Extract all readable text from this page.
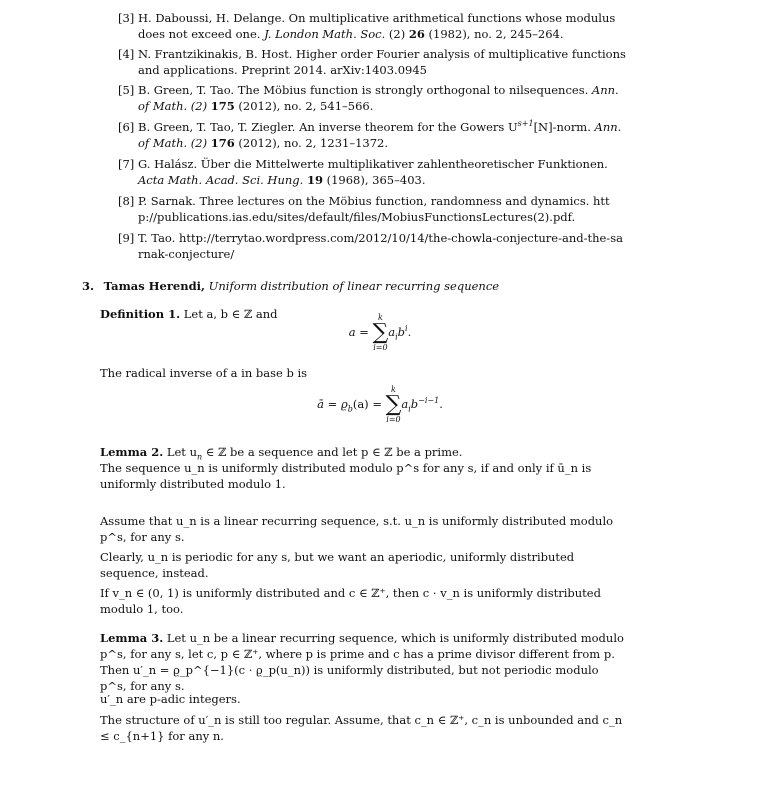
[3] H. Daboussi, H. Delange. On multiplicative arithmetical functions whose modulus does not exceed one. J. London Math. Soc. (2) 26 (1982), no. 2, 245–264.
[4] N. Frantzikinakis, B. Host. Higher order Fourier analysis of multiplicative functions and applications. Preprint 2014. arXiv:1403.0945
[5] B. Green, T. Tao. The Möbius function is strongly orthogonal to nilsequences. Ann. of Math. (2) 175 (2012), no. 2, 541–566.
[6] B. Green, T. Tao, T. Ziegler. An inverse theorem for the Gowers $U^{s+1}[N]$-norm. Ann. of Math. (2) 176 (2012), no. 2, 1231–1372.
[7] G. Halász. Über die Mittelwerte multiplikativer zahlentheoretischer Funktionen. Acta Math. Acad. Sci. Hung. 19 (1968), 365–403.
[8] P. Sarnak. Three lectures on the Möbius function, randomness and dynamics. http://publications.ias.edu/sites/default/files/MobiusFunctionsLectures(2).pdf.
[9] T. Tao. http://terrytao.wordpress.com/2012/10/14/the-chowla-conjecture-and-the-sarnak-conjecture/
3. Tamas Herendi, Uniform distribution of linear recurring sequence
Definition 1. Let a, b ∈ ℤ and
a =
k
∑
i=0
$a_ib^i$.
The radical inverse of a in base b is
ā = $ϱ_b(a)$ =
k
∑
i=0
$a_ib^{-i-1}$.
Lemma 2. Let $u_n$ ∈ ℤ be a sequence and let p ∈ ℤ be a prime.
The sequence u_n is uniformly distributed modulo p^s for any s, if and only if ū_n is uniformly distributed modulo 1.
Assume that u_n is a linear recurring sequence, s.t. u_n is uniformly distributed modulo p^s, for any s.
Clearly, u_n is periodic for any s, but we want an aperiodic, uniformly distributed sequence, instead.
If v_n ∈ (0, 1) is uniformly distributed and c ∈ ℤ⁺, then c · v_n is uniformly distributed modulo 1, too.
Lemma 3. Let u_n be a linear recurring sequence, which is uniformly distributed modulo p^s, for any s, let c, p ∈ ℤ⁺, where p is prime and c has a prime divisor different from p. Then u′_n = ϱ_p^{−1}(c · ϱ_p(u_n)) is uniformly distributed, but not periodic modulo p^s, for any s.
u′_n are p-adic integers.
The structure of u′_n is still too regular. Assume, that c_n ∈ ℤ⁺, c_n is unbounded and c_n ≤ c_{n+1} for any n.
